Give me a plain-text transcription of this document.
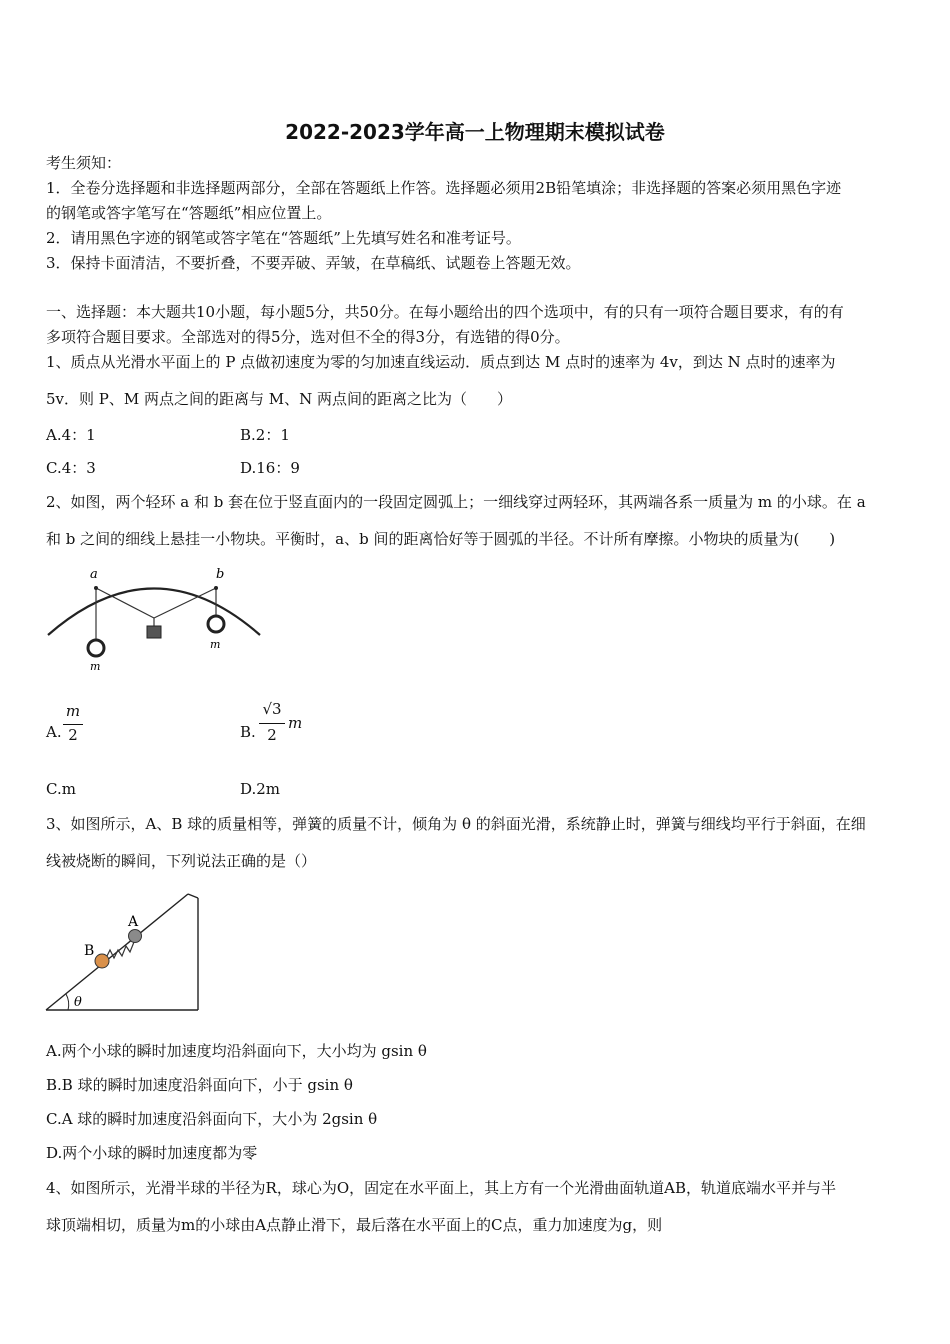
2022-2023学年高一上物理期末模拟试卷
考生须知：
1．全卷分选择题和非选择题两部分，全部在答题纸上作答。选择题必须用2B铅笔填涂；非选择题的答案必须用黑色字迹
的钢笔或答字笔写在“答题纸”相应位置上。
2．请用黑色字迹的钢笔或答字笔在“答题纸”上先填写姓名和准考证号。
3．保持卡面清洁，不要折叠，不要弄破、弄皱，在草稿纸、试题卷上答题无效。
一、选择题：本大题共10小题，每小题5分，共50分。在每小题给出的四个选项中，有的只有一项符合题目要求，有的有
多项符合题目要求。全部选对的得5分，选对但不全的得3分，有选错的得0分。
1、质点从光滑水平面上的 P 点做初速度为零的匀加速直线运动．质点到达 M 点时的速率为 4v，到达 N 点时的速率为
5v．则 P、M 两点之间的距离与 M、N 两点间的距离之比为（　　）
A.4：1	B.2：1
C.4：3	D.16：9
2、如图，两个轻环 a 和 b 套在位于竖直面内的一段固定圆弧上；一细线穿过两轻环，其两端各系一质量为 m 的小球。在 a
和 b 之间的细线上悬挂一小物块。平衡时，a、b 间的距离恰好等于圆弧的半径。不计所有摩擦。小物块的质量为(　　)
a	b
m
m
A.
m
2	B.
√3
2
m
C.m	D.2m
3、如图所示，A、B 球的质量相等，弹簧的质量不计，倾角为 θ 的斜面光滑，系统静止时，弹簧与细线均平行于斜面，在细
线被烧断的瞬间，下列说法正确的是（）
A
B
θ
A.两个小球的瞬时加速度均沿斜面向下，大小均为 gsin θ
B.B 球的瞬时加速度沿斜面向下，小于 gsin θ
C.A 球的瞬时加速度沿斜面向下，大小为 2gsin θ
D.两个小球的瞬时加速度都为零
4、如图所示，光滑半球的半径为R，球心为O，固定在水平面上，其上方有一个光滑曲面轨道AB，轨道底端水平并与半
球顶端相切，质量为m的小球由A点静止滑下，最后落在水平面上的C点，重力加速度为g，则
